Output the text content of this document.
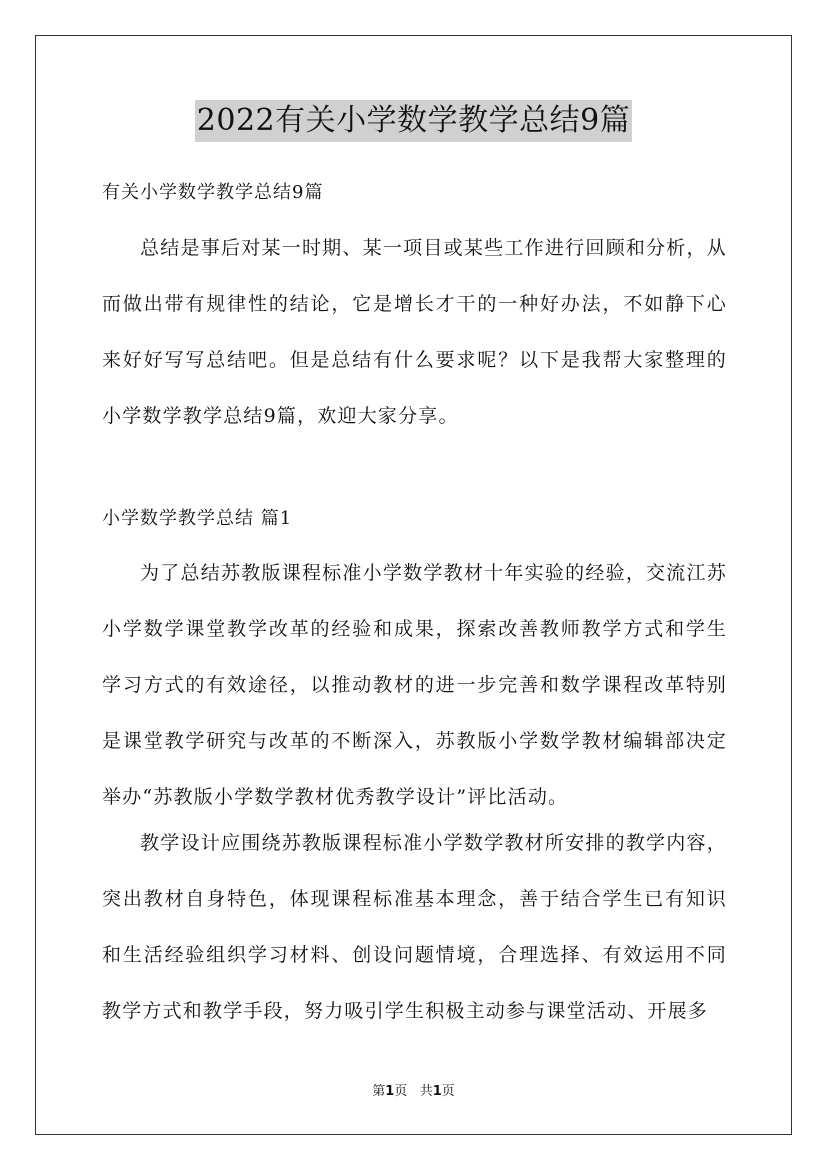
2022有关小学数学教学总结9篇

有关小学数学教学总结9篇

总结是事后对某一时期、某一项目或某些工作进行回顾和分析，从而做出带有规律性的结论，它是增长才干的一种好办法，不如静下心来好好写写总结吧。但是总结有什么要求呢？以下是我帮大家整理的小学数学教学总结9篇，欢迎大家分享。

小学数学教学总结 篇1

为了总结苏教版课程标准小学数学教材十年实验的经验，交流江苏小学数学课堂教学改革的经验和成果，探索改善教师教学方式和学生学习方式的有效途径，以推动教材的进一步完善和数学课程改革特别是课堂教学研究与改革的不断深入，苏教版小学数学教材编辑部决定举办“苏教版小学数学教材优秀教学设计”评比活动。

教学设计应围绕苏教版课程标准小学数学教材所安排的教学内容，突出教材自身特色，体现课程标准基本理念，善于结合学生已有知识和生活经验组织学习材料、创设问题情境，合理选择、有效运用不同教学方式和教学手段，努力吸引学生积极主动参与课堂活动、开展多

第1页 共1页
